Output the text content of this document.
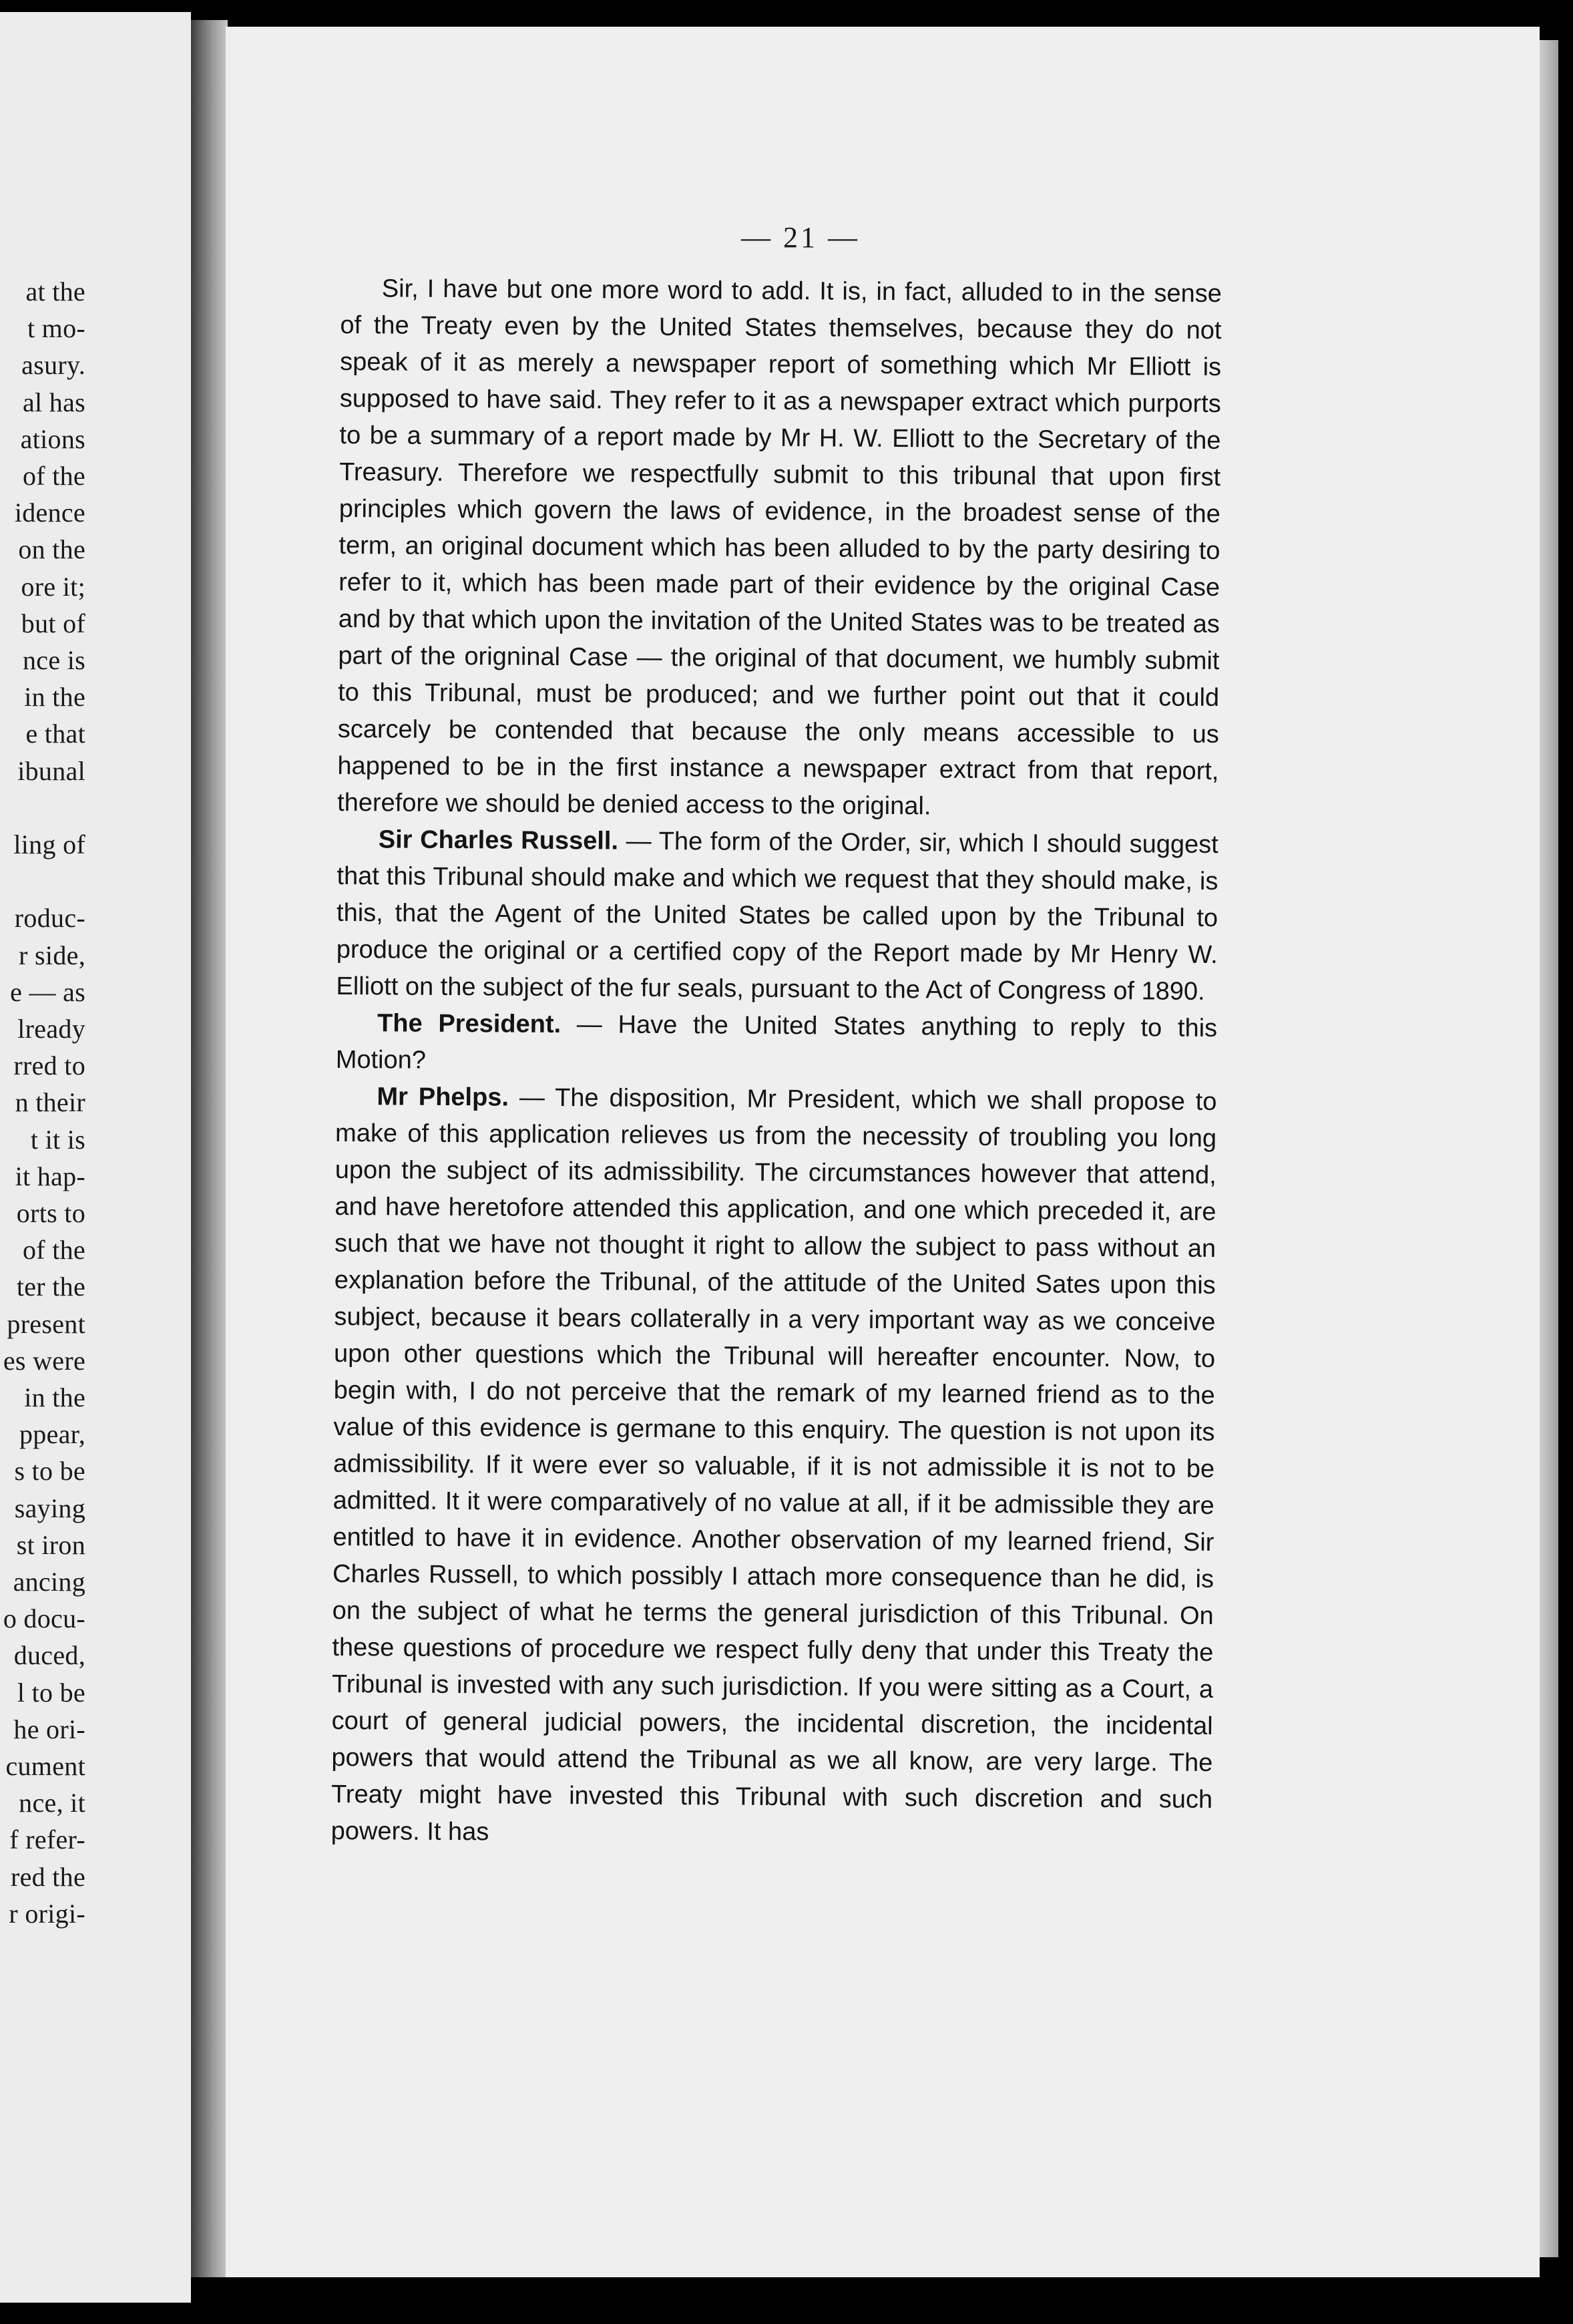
at the
t mo-
asury.
al has
ations
of the
idence
on the
ore it;
but of
nce is
in the
e that
ibunal
ling of
roduc-
r side,
e — as
lready
rred to
n their
t it is
it hap-
orts to
of the
ter the
present
es were
in the
ppear,
s to be
saying
st iron
ancing
o docu-
duced,
l to be
he ori-
cument
nce, it
f refer-
red the
r origi-
— 21 —

Sir, I have but one more word to add. It is, in fact, alluded to in the sense of the Treaty even by the United States themselves, because they do not speak of it as merely a newspaper report of something which Mr Elliott is supposed to have said. They refer to it as a newspaper extract which purports to be a summary of a report made by Mr H. W. Elliott to the Secretary of the Treasury. Therefore we respectfully submit to this tribunal that upon first principles which govern the laws of evidence, in the broadest sense of the term, an original document which has been alluded to by the party desiring to refer to it, which has been made part of their evidence by the original Case and by that which upon the invitation of the United States was to be treated as part of the origninal Case — the original of that document, we humbly submit to this Tribunal, must be produced; and we further point out that it could scarcely be contended that because the only means accessible to us happened to be in the first instance a newspaper extract from that report, therefore we should be denied access to the original.

Sir Charles Russell. — The form of the Order, sir, which I should suggest that this Tribunal should make and which we request that they should make, is this, that the Agent of the United States be called upon by the Tribunal to produce the original or a certified copy of the Report made by Mr Henry W. Elliott on the subject of the fur seals, pursuant to the Act of Congress of 1890.

The President. — Have the United States anything to reply to this Motion?

Mr Phelps. — The disposition, Mr President, which we shall propose to make of this application relieves us from the necessity of troubling you long upon the subject of its admissibility. The circumstances however that attend, and have heretofore attended this application, and one which preceded it, are such that we have not thought it right to allow the subject to pass without an explanation before the Tribunal, of the attitude of the United Sates upon this subject, because it bears collaterally in a very important way as we conceive upon other questions which the Tribunal will hereafter encounter. Now, to begin with, I do not perceive that the remark of my learned friend as to the value of this evidence is germane to this enquiry. The question is not upon its admissibility. If it were ever so valuable, if it is not admissible it is not to be admitted. It it were comparatively of no value at all, if it be admissible they are entitled to have it in evidence. Another observation of my learned friend, Sir Charles Russell, to which possibly I attach more consequence than he did, is on the subject of what he terms the general jurisdiction of this Tribunal. On these questions of procedure we respect fully deny that under this Treaty the Tribunal is invested with any such jurisdiction. If you were sitting as a Court, a court of general judicial powers, the incidental discretion, the incidental powers that would attend the Tribunal as we all know, are very large. The Treaty might have invested this Tribunal with such discretion and such powers. It has
